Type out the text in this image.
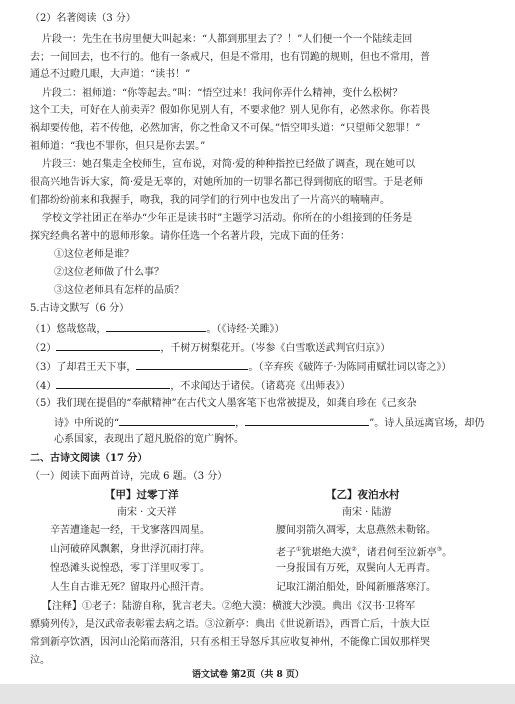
（2）名著阅读（3 分）
片段一：先生在书房里便大叫起来：“人都到那里去了？！”人们便一个一个陆续走回
去；一间回去，也不行的。他有一条戒尺，但是不常用，也有罚跪的规则，但也不常用，普
通总不过瞪几眼，大声道：“读书！”
片段二：祖师道：“你等起去。”叫：“悟空过来！我问你弄什么精神，变什么松树？
这个工夫，可好在人前卖弄？假如你见别人有，不要求他？别人见你有，必然求你。你若畏
祸却要传他，若不传他，必然加害，你之性命又不可保。”悟空叩头道：“只望师父恕罪！”
祖师道：“我也不罪你，但只是你去罢。”
片段三：她召集走全校师生，宣布说，对简·爱的种种指控已经做了调查，现在她可以
很高兴地告诉大家，简·爱是无辜的，对她所加的一切罪名都已得到彻底的昭雪。于是老师
们都纷纷前来和我握手，吻我，我的同学们的行列中也发出了一片高兴的喃喃声。
学校文学社团正在举办“少年正是读书时”主题学习活动。你所在的小组接到的任务是
探究经典名著中的恩师形象。请你任选一个名著片段，完成下面的任务：
①这位老师是谁？
②这位老师做了什么事？
③这位老师具有怎样的品质？
5.古诗文默写（6 分）
（1）悠哉悠哉，	。（《诗经·关雎》）
（2）	，千树万树梨花开。（岑参《白雪歌送武判官归京》）
（3）了却君王天下事，	。（辛弃疾《破阵子·为陈同甫赋壮词以寄之》）
（4）	，不求闻达于诸侯。（诸葛亮《出师表》）
（5）我们现在提倡的“奉献精神”在古代文人墨客笔下也常被提及，如龚自珍在《己亥杂
诗》中所说的“	，	”。诗人虽远离官场，却仍
心系国家，表现出了超凡脱俗的宽广胸怀。
二、古诗文阅读（17 分）
（一）阅读下面两首诗，完成 6 题。（3 分）
【甲】过零丁洋
南宋 · 文天祥
辛苦遭逢起一经，干戈寥落四周星。
山河破碎风飘絮，身世浮沉雨打萍。
惶恐滩头说惶恐，零丁洋里叹零丁。
人生自古谁无死？留取丹心照汗青。
【乙】夜泊水村
南宋 · 陆游
腰间羽箭久凋零，太息燕然未勒铭。
老子①犹堪绝大漠②，诸君何至泣新亭③。
一身报国有万死，双鬓向人无再青。
记取江湖泊船处，卧闻新雁落寒汀。
【注释】①老子：陆游自称，犹言老夫。②绝大漠：横渡大沙漠。典出《汉书·卫将军
骠骑列传》，是汉武帝表彰霍去病之语。③泣新亭：典出《世说新语》，西晋亡后，十族大臣
常到新亭饮酒，因河山沦陷而落泪，只有丞相王导怒斥其应收复神州，不能像亡国奴那样哭
泣。
语文试卷 第2页（共 8 页）
